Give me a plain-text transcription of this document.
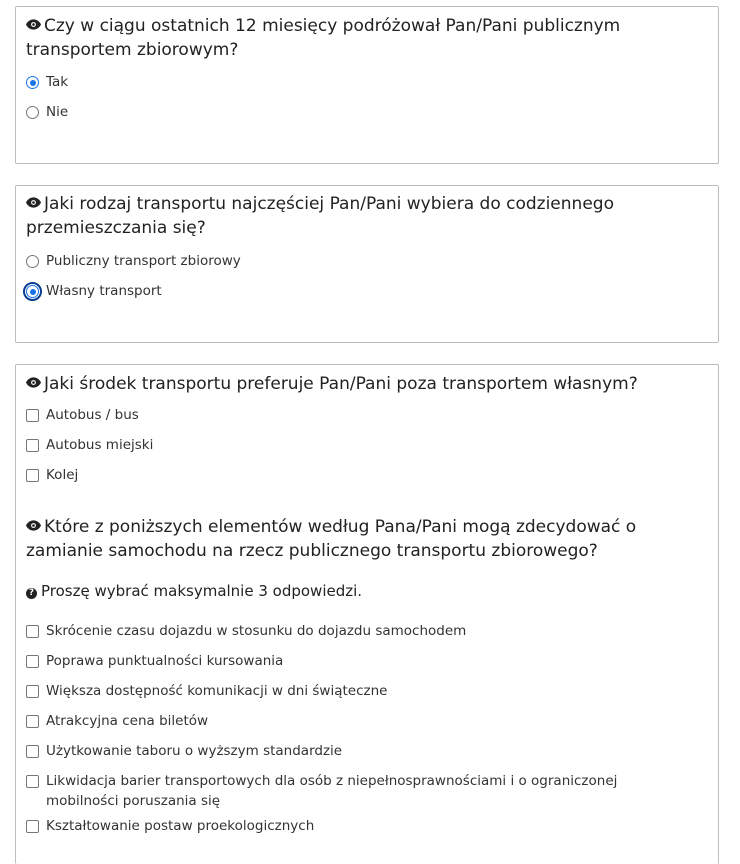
Czy w ciągu ostatnich 12 miesięcy podróżował Pan/Pani publicznym transportem zbiorowym?
Tak
Nie
Jaki rodzaj transportu najczęściej Pan/Pani wybiera do codziennego przemieszczania się?
Publiczny transport zbiorowy
Własny transport
Jaki środek transportu preferuje Pan/Pani poza transportem własnym?
Autobus / bus
Autobus miejski
Kolej
Które z poniższych elementów według Pana/Pani mogą zdecydować o zamianie samochodu na rzecz publicznego transportu zbiorowego?
? Proszę wybrać maksymalnie 3 odpowiedzi.
Skrócenie czasu dojazdu w stosunku do dojazdu samochodem
Poprawa punktualności kursowania
Większa dostępność komunikacji w dni świąteczne
Atrakcyjna cena biletów
Użytkowanie taboru o wyższym standardzie
Likwidacja barier transportowych dla osób z niepełnosprawnościami i o ograniczonej mobilności poruszania się
Kształtowanie postaw proekologicznych
